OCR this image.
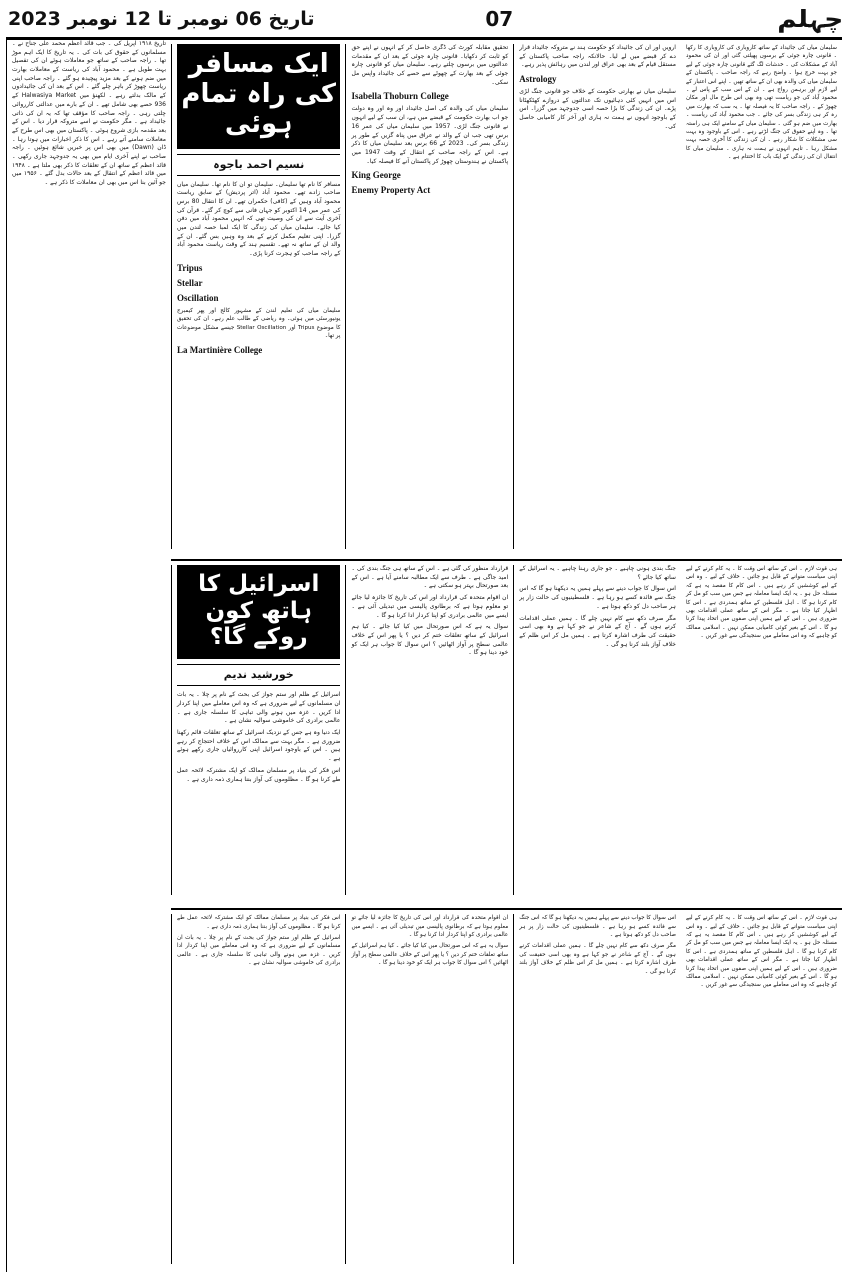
چہلم
07
تاریخ 06 نومبر تا 12 نومبر 2023
تاریخ ۱۹۱۸ اپریل کی ۔ جب قائد اعظم محمد علی جناح نے ۔ مسلمانوں کے حقوق کی بات کی ۔ یہ تاریخ کا ایک اہم موڑ تھا ۔ راجہ صاحب کے ساتھ جو معاملات ہوئے ان کی تفصیل بہت طویل ہے ۔ محمود آباد کی ریاست کے معاملات بھارت میں ضم ہونے کے بعد مزید پیچیدہ ہو گئے ۔ راجہ صاحب اپنی ریاست چھوڑ کر باہر چلے گئے ۔ اس کے بعد ان کی جائیدادوں کے مالک بدلتے رہے ۔ لکھنؤ میں Halwasiya Market کے 936 حصے بھی شامل تھے ۔ ان کے بارے میں عدالتی کارروائی چلتی رہی ۔ راجہ صاحب کا مؤقف تھا کہ یہ ان کی ذاتی جائیداد ہے ۔ مگر حکومت نے اسے متروکہ قرار دیا ۔ اس کے بعد مقدمہ بازی شروع ہوئی ۔ پاکستان میں بھی اس طرح کے معاملات سامنے آتے رہے ۔ اس کا ذکر اخبارات میں ہوتا رہا ۔ ڈان (Dawn) میں بھی اس پر خبریں شائع ہوئیں ۔ راجہ صاحب نے اپنے آخری ایام میں بھی یہ جدوجہد جاری رکھی ۔ قائد اعظم کے ساتھ ان کے تعلقات کا ذکر بھی ملتا ہے ۔ ۱۹۴۸ میں قائد اعظم کے انتقال کے بعد حالات بدل گئے ۔ ۱۹۵۶ میں جو آئین بنا اس میں بھی ان معاملات کا ذکر ہے ۔
ایک مسافر کی راہ تمام ہوئی
نسیم احمد باجوہ

مسافر کا نام تھا سلیمان۔ سلیمان تو ان کا نام تھا۔ سلیمان میاں صاحب زادے تھے۔ محمود آباد (اتر پردیش) کے سابق ریاست محمود آباد وہیں کے (کافی) حکمران تھے۔ ان کا انتقال 80 برس کی عمر میں 14 اکتوبر کو جہان فانی سے کوچ کر گئے۔ قرآن کی آخری آیت سے ان کی وصیت تھی کہ انہیں محمود آباد میں دفن کیا جائے۔ سلیمان میاں کی زندگی کا ایک لمبا حصہ لندن میں گزرا۔ اپنی تعلیم مکمل کرنے کے بعد وہ وہیں بس گئے۔ ان کے والد ان کے ساتھ نہ تھے۔ تقسیم ہند کے وقت ریاست محمود آباد کے راجہ صاحب کو ہجرت کرنا پڑی۔

Tripus
Stellar
Oscillation

سلیمان میاں کی تعلیم لندن کے مشہور کالج اور پھر کیمبرج یونیورسٹی میں ہوئی۔ وہ ریاضی کے طالب علم رہے۔ ان کی تحقیق کا موضوع Tripus اور Stellar Oscillation جیسے مشکل موضوعات پر تھا۔

La Martinière College

تحقیق مقابلہ کورٹ کی ڈگری حاصل کر کے انہوں نے اپنے حق کو ثابت کر دکھایا۔ قانونی چارہ جوئی کے بعد ان کے مقدمات عدالتوں میں برسوں چلتے رہے۔ سلیمان میاں کو قانونی چارہ جوئی کے بعد بھارت کے چھوٹے سے حصے کی جائیداد واپس مل سکی۔

Isabella Thoburn College

سلیمان میاں کی والدہ کی اصل جائیداد اور وہ اور وہ دولت جو اب بھارت حکومت کے قبضے میں ہے، ان سب کے لیے انہوں نے قانونی جنگ لڑی۔ 1957 میں سلیمان میاں کی عمر 16 برس تھی جب ان کے والد نے عراق میں پناہ گزیں کے طور پر زندگی بسر کی۔ 2023 کے 66 برس بعد سلیمان میاں کا ذکر ہے۔ اس کے راجہ صاحب کے انتقال کے وقت 1947 میں پاکستان نے ہندوستان چھوڑ کر پاکستان آنے کا فیصلہ کیا۔

King George
Enemy Property Act

ارویں اور ان کی جائیداد کو حکومت ہند نے متروکہ جائیداد قرار دے کر قبضے میں لے لیا۔ حالانکہ راجہ صاحب پاکستان کے مستقل قیام کے بعد بھی عراق اور لندن میں رہائش پذیر رہے۔

Astrology

سلیمان میاں نے بھارتی حکومت کے خلاف جو قانونی جنگ لڑی اس میں انہیں کئی دہائیوں تک عدالتوں کے دروازے کھٹکھٹانا پڑے۔ ان کی زندگی کا بڑا حصہ اسی جدوجہد میں گزرا۔ اس کے باوجود انہوں نے ہمت نہ ہاری اور آخر کار کامیابی حاصل کی۔

سلیمان میاں کی جائیداد کے ساتھ کاروباری کی کاروباری کا رکھا ۔ قانونی چارہ جوئی کے برسوں پھیلتی گئی اور ان کی محمود آباد کے مشکلات کی ۔ خدشات لگ گئے قانونی چارہ جوئی کے لیے جو بہت خرچ ہوا ۔ واضح رہے کہ راجہ صاحب ۔ پاکستان کے سلیمان میاں کی والدہ بھی ان کے ساتھ تھیں ۔ اپنے اس اعتبار کے لیے لازم اور برہمن رواج ہے ۔ ان کے اس سب کے پاس لے ۔ محمود آباد کی جو ریاست تھی وہ بھی اس طرح مال اور مکان چھوڑ کے ۔ راجہ صاحب کا یہ فیصلہ تھا ۔ یہ سب کہ بھارت میں رہ کر ہی زندگی بسر کی جائے ۔ جب محمود آباد کی ریاست ۔ بھارت میں ضم ہو گئی ۔ سلیمان میاں کے سامنے ایک ہی راستہ تھا ۔ وہ اپنے حقوق کی جنگ لڑتے رہے ۔ اس کے باوجود وہ بہت سی مشکلات کا شکار رہے ۔ ان کی زندگی کا آخری حصہ بہت مشکل رہا ۔ تاہم انہوں نے ہمت نہ ہاری ۔ سلیمان میاں کا انتقال ان کی زندگی کے ایک باب کا اختتام ہے ۔

اسرائیل کا ہاتھ کون روکے گا؟
خورشید ندیم

اسرائیل کے ظلم اور ستم جواز کی بحث کے نام پر چلا ۔ یہ بات ان مسلمانوں کے لیے ضروری ہے کہ وہ اس معاملے میں اپنا کردار ادا کریں ۔ غزہ میں ہونے والی تباہی کا سلسلہ جاری ہے ۔ عالمی برادری کی خاموشی سوالیہ نشان ہے ۔

ایک دنیا وہ ہے جس کے نزدیک اسرائیل کے ساتھ تعلقات قائم رکھنا ضروری ہے ۔ مگر بہت سے ممالک اس کے خلاف احتجاج کر رہے ہیں ۔ اس کے باوجود اسرائیل اپنی کارروائیاں جاری رکھے ہوئے ہے ۔

اس فکر کی بنیاد پر مسلمان ممالک کو ایک مشترکہ لائحہ عمل طے کرنا ہو گا ۔ مظلوموں کی آواز بننا ہماری ذمہ داری ہے ۔

قرارداد منظور کی گئی ہے ۔ اس کے ساتھ ہی جنگ بندی کی ۔ امید جاگی ہے ۔ طرف سے ایک مطالبہ سامنے آیا ہے ۔ اس کے بعد صورتحال بہتر ہو سکتی ہے ۔

ان اقوام متحدہ کی قرارداد اور اس کی تاریخ کا جائزہ لیا جائے تو معلوم ہوتا ہے کہ برطانوی پالیسی میں تبدیلی آئی ہے ۔ ایسے میں عالمی برادری کو اپنا کردار ادا کرنا ہو گا ۔

سوال یہ ہے کہ اس صورتحال میں کیا کیا جائے ۔ کیا ہم اسرائیل کے ساتھ تعلقات ختم کر دیں ؟ یا پھر اس کے خلاف عالمی سطح پر آواز اٹھائیں ؟ اس سوال کا جواب ہر ایک کو خود دینا ہو گا ۔

جنگ بندی ہونی چاہیے ۔ جو جاری رہنا چاہیے ۔ یہ اسرائیل کے ساتھ کیا جائے ؟

اس سوال کا جواب دینے سے پہلے ہمیں یہ دیکھنا ہو گا کہ اس جنگ سے فائدہ کسے ہو رہا ہے ۔ فلسطینیوں کی حالت زار پر ہر صاحب دل کو دکھ ہوتا ہے ۔

مگر صرف دکھ سے کام نہیں چلے گا ۔ ہمیں عملی اقدامات کرنے ہوں گے ۔ آج کے شاعر نے جو کہا ہے وہ بھی اسی حقیقت کی طرف اشارہ کرتا ہے ۔ ہمیں مل کر اس ظلم کے خلاف آواز بلند کرنا ہو گی ۔

ہی قوت لازم ۔ اس کے ساتھ اس وقت کا ۔ یہ کام کرنے کے لیے اپنی سیاست منوانے کے قابل ہو جائیں ۔ خلاف کے لیے ۔ وہ اس کے لیے کوششیں کر رہے ہیں ۔ اس کام کا مقصد یہ ہے کہ مسئلہ حل ہو ۔ یہ ایک ایسا معاملہ ہے جس میں سب کو مل کر کام کرنا ہو گا ۔ اہل فلسطین کے ساتھ ہمدردی ہے ۔ اس کا اظہار کیا جاتا ہے ۔ مگر اس کے ساتھ عملی اقدامات بھی ضروری ہیں ۔ اس کے لیے ہمیں اپنی صفوں میں اتحاد پیدا کرنا ہو گا ۔ اس کے بغیر کوئی کامیابی ممکن نہیں ۔ اسلامی ممالک کو چاہیے کہ وہ اس معاملے میں سنجیدگی سے غور کریں ۔

اس فکر کی بنیاد پر مسلمان ممالک کو ایک مشترکہ لائحہ عمل طے کرنا ہو گا ۔ مظلوموں کی آواز بننا ہماری ذمہ داری ہے ۔

اسرائیل کے ظلم اور ستم جواز کی بحث کے نام پر چلا ۔ یہ بات ان مسلمانوں کے لیے ضروری ہے کہ وہ اس معاملے میں اپنا کردار ادا کریں ۔ غزہ میں ہونے والی تباہی کا سلسلہ جاری ہے ۔ عالمی برادری کی خاموشی سوالیہ نشان ہے ۔

ان اقوام متحدہ کی قرارداد اور اس کی تاریخ کا جائزہ لیا جائے تو معلوم ہوتا ہے کہ برطانوی پالیسی میں تبدیلی آئی ہے ۔ ایسے میں عالمی برادری کو اپنا کردار ادا کرنا ہو گا ۔

سوال یہ ہے کہ اس صورتحال میں کیا کیا جائے ۔ کیا ہم اسرائیل کے ساتھ تعلقات ختم کر دیں ؟ یا پھر اس کے خلاف عالمی سطح پر آواز اٹھائیں ؟ اس سوال کا جواب ہر ایک کو خود دینا ہو گا ۔

اس سوال کا جواب دینے سے پہلے ہمیں یہ دیکھنا ہو گا کہ اس جنگ سے فائدہ کسے ہو رہا ہے ۔ فلسطینیوں کی حالت زار پر ہر صاحب دل کو دکھ ہوتا ہے ۔

مگر صرف دکھ سے کام نہیں چلے گا ۔ ہمیں عملی اقدامات کرنے ہوں گے ۔ آج کے شاعر نے جو کہا ہے وہ بھی اسی حقیقت کی طرف اشارہ کرتا ہے ۔ ہمیں مل کر اس ظلم کے خلاف آواز بلند کرنا ہو گی ۔

ہی قوت لازم ۔ اس کے ساتھ اس وقت کا ۔ یہ کام کرنے کے لیے اپنی سیاست منوانے کے قابل ہو جائیں ۔ خلاف کے لیے ۔ وہ اس کے لیے کوششیں کر رہے ہیں ۔ اس کام کا مقصد یہ ہے کہ مسئلہ حل ہو ۔ یہ ایک ایسا معاملہ ہے جس میں سب کو مل کر کام کرنا ہو گا ۔ اہل فلسطین کے ساتھ ہمدردی ہے ۔ اس کا اظہار کیا جاتا ہے ۔ مگر اس کے ساتھ عملی اقدامات بھی ضروری ہیں ۔ اس کے لیے ہمیں اپنی صفوں میں اتحاد پیدا کرنا ہو گا ۔ اس کے بغیر کوئی کامیابی ممکن نہیں ۔ اسلامی ممالک کو چاہیے کہ وہ اس معاملے میں سنجیدگی سے غور کریں ۔
